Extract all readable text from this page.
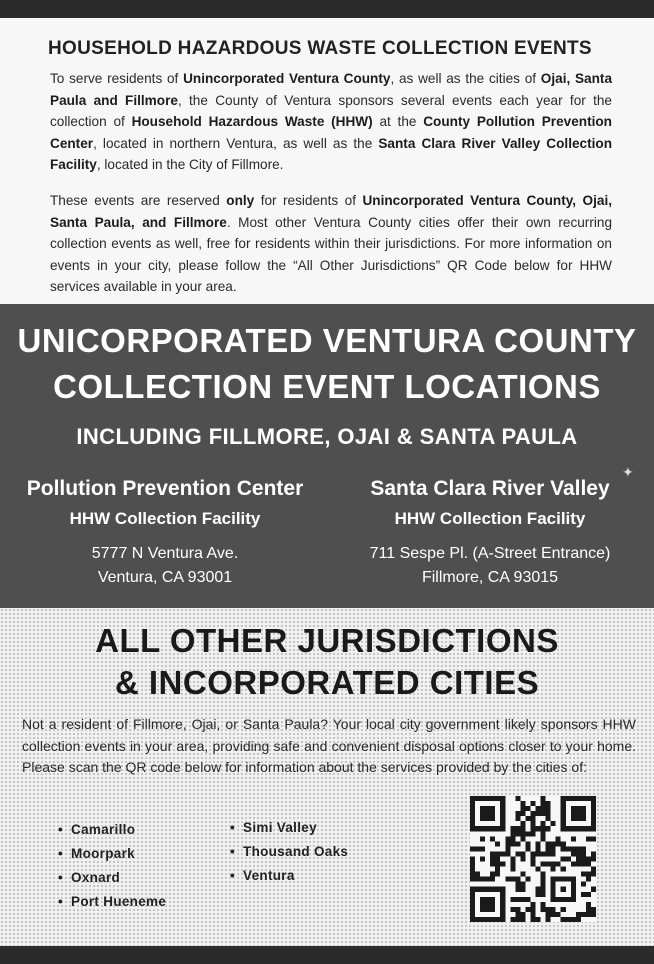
HOUSEHOLD HAZARDOUS WASTE COLLECTION EVENTS

To serve residents of Unincorporated Ventura County, as well as the cities of Ojai, Santa Paula and Fillmore, the County of Ventura sponsors several events each year for the collection of Household Hazardous Waste (HHW) at the County Pollution Prevention Center, located in northern Ventura, as well as the Santa Clara River Valley Collection Facility, located in the City of Fillmore.

These events are reserved only for residents of Unincorporated Ventura County, Ojai, Santa Paula, and Fillmore. Most other Ventura County cities offer their own recurring collection events as well, free for residents within their jurisdictions. For more information on events in your city, please follow the “All Other Jurisdictions” QR Code below for HHW services available in your area.

UNICORPORATED VENTURA COUNTY
COLLECTION EVENT LOCATIONS
INCLUDING FILLMORE, OJAI & SANTA PAULA
✦
Pollution Prevention Center
HHW Collection Facility
5777 N Ventura Ave.
Ventura, CA 93001
Santa Clara River Valley
HHW Collection Facility
711 Sespe Pl. (A-Street Entrance)
Fillmore, CA 93015
ALL OTHER JURISDICTIONS
& INCORPORATED CITIES

Not a resident of Fillmore, Ojai, or Santa Paula? Your local city government likely sponsors HHW collection events in your area, providing safe and convenient disposal options closer to your home. Please scan the QR code below for information about the services provided by the cities of:

• Camarillo
• Moorpark
• Oxnard
• Port Hueneme
• Simi Valley
• Thousand Oaks
• Ventura
